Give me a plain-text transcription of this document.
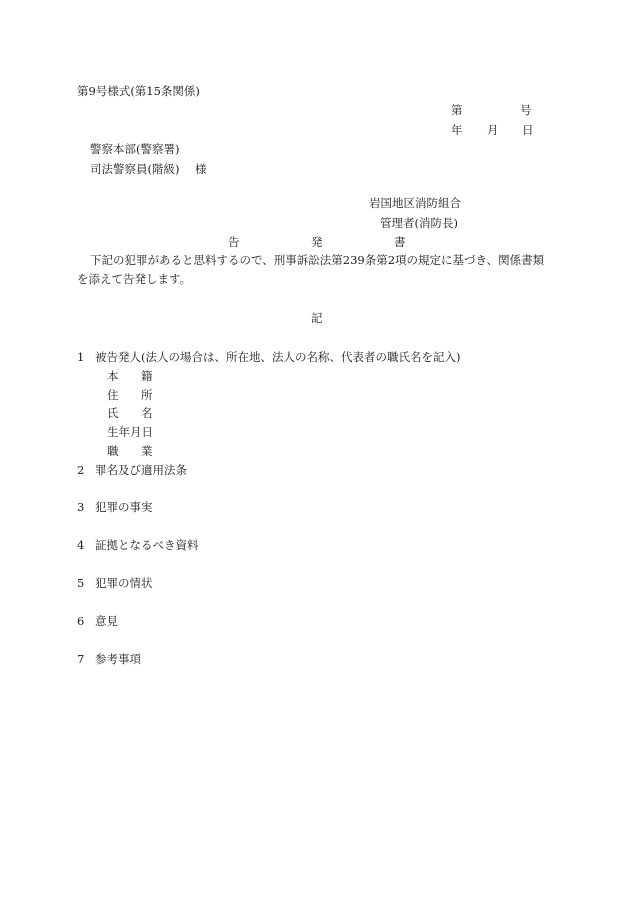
第9号様式(第15条関係)
第	号
年 月 日
警察本部(警察署)
司法警察員(階級) 様
岩国地区消防組合
管理者(消防長)
告	発	書
下記の犯罪があると思料するので、刑事訴訟法第239条第2項の規定に基づき、関係書類
を添えて告発します。
記
1 被告発人(法人の場合は、所在地、法人の名称、代表者の職氏名を記入)
本 籍
住 所
氏 名
生年月日
職 業
2 罪名及び適用法条
3 犯罪の事実
4 証拠となるべき資料
5 犯罪の情状
6 意見
7 参考事項
